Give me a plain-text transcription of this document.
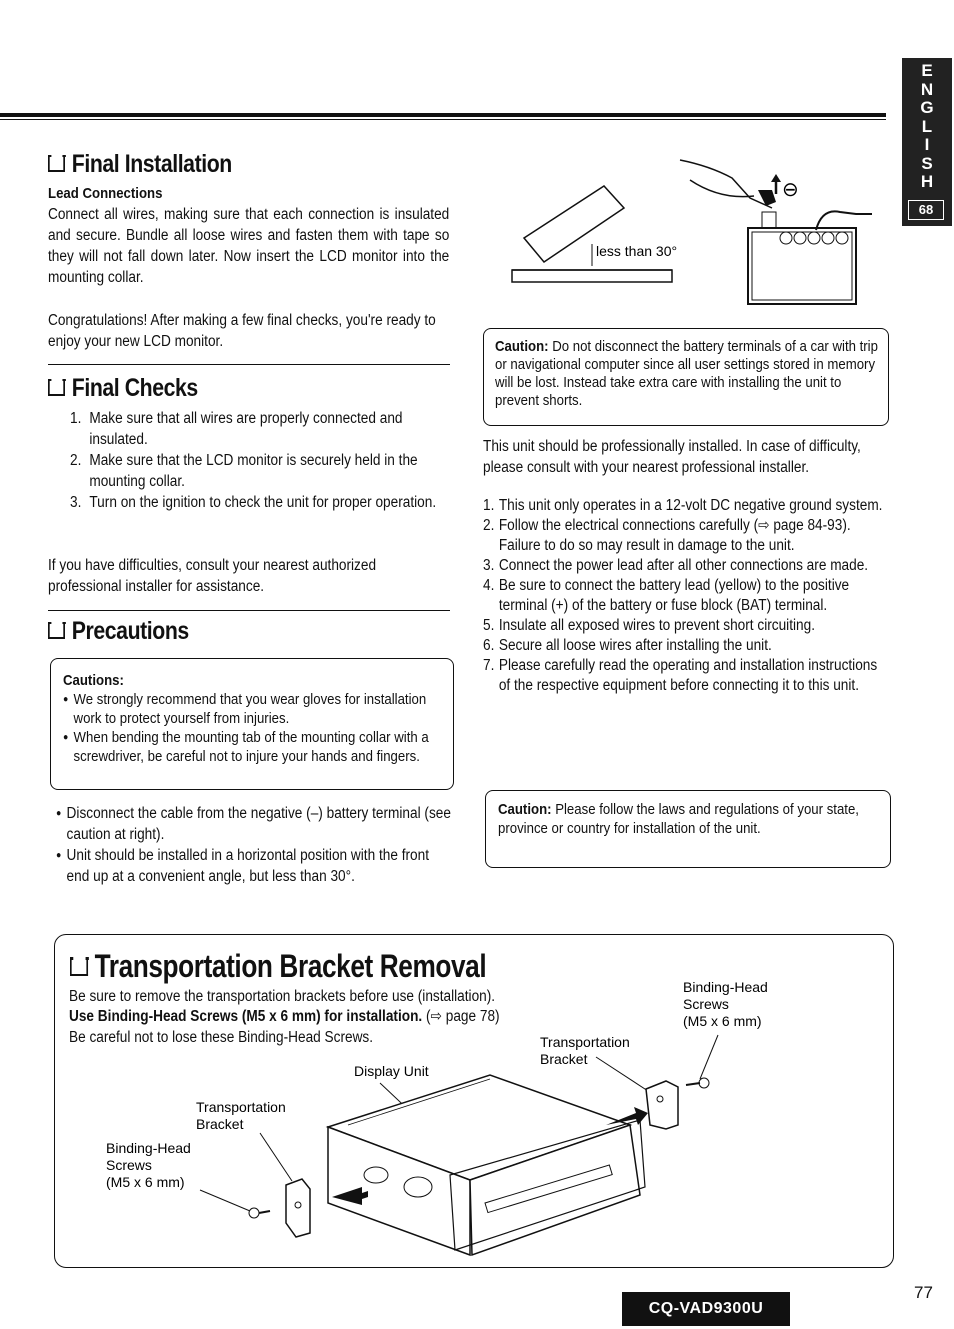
E
N
G
L
I
S
H
68
Final Installation
Lead Connections
Connect all wires, making sure that each connection is insulated and secure. Bundle all loose wires and fasten them with tape so they will not fall down later. Now insert the LCD monitor into the mounting collar.
Congratulations! After making a few final checks, you're ready to enjoy your new LCD monitor.
Final Checks
1. Make sure that all wires are properly connected and insulated.
2. Make sure that the LCD monitor is securely held in the mounting collar.
3. Turn on the ignition to check the unit for proper operation.
If you have difficulties, consult your nearest authorized professional installer for assistance.
Precautions
Cautions:
● We strongly recommend that you wear gloves for installation work to protect yourself from injuries.
● When bending the mounting tab of the mounting collar with a screwdriver, be careful not to injure your hands and fingers.
● Disconnect the cable from the negative (–) battery terminal (see caution at right).
● Unit should be installed in a horizontal position with the front end up at a convenient angle, but less than 30°.
less than 30°
⊖
Caution: Do not disconnect the battery terminals of a car with trip or navigational computer since all user settings stored in memory will be lost. Instead take extra care with installing the unit to prevent shorts.
This unit should be professionally installed. In case of difficulty, please consult with your nearest professional installer.
1. This unit only operates in a 12-volt DC negative ground system.
2. Follow the electrical connections carefully (⇨ page 84-93). Failure to do so may result in damage to the unit.
3. Connect the power lead after all other connections are made.
4. Be sure to connect the battery lead (yellow) to the positive terminal (+) of the battery or fuse block (BAT) terminal.
5. Insulate all exposed wires to prevent short circuiting.
6. Secure all loose wires after installing the unit.
7. Please carefully read the operating and installation instructions of the respective equipment before connecting it to this unit.
Caution: Please follow the laws and regulations of your state, province or country for installation of the unit.
Transportation Bracket Removal
Be sure to remove the transportation brackets before use (installation).
Use Binding-Head Screws (M5 x 6 mm) for installation. (⇨ page 78)
Be careful not to lose these Binding-Head Screws.
Binding-Head
Screws
(M5 x 6 mm)
Transportation
Bracket
Display Unit
Transportation
Bracket
Binding-Head
Screws
(M5 x 6 mm)
CQ-VAD9300U
77
